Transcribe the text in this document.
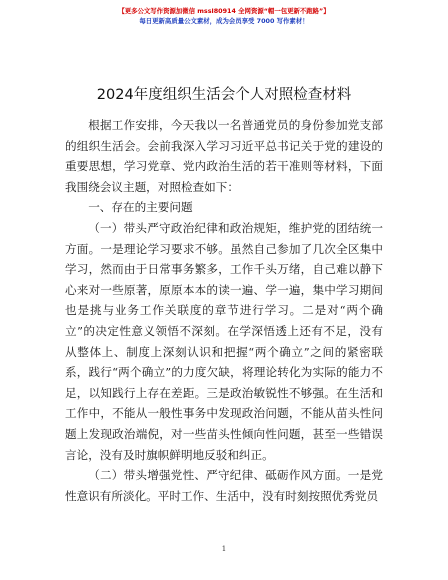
【更多公文写作资源加微信 mssl80914 全网资源“帽一包更新不跑路”】
每日更新高质量公文素材，成为会员享受 7000 写作素材！
2024年度组织生活会个人对照检查材料

根据工作安排，今天我以一名普通党员的身份参加党支部的组织生活会。会前我深入学习习近平总书记关于党的建设的重要思想，学习党章、党内政治生活的若干准则等材料，下面我围绕会议主题，对照检查如下：

一、存在的主要问题

（一）带头严守政治纪律和政治规矩，维护党的团结统一方面。一是理论学习要求不够。虽然自己参加了几次全区集中学习，然而由于日常事务繁多，工作千头万绪，自己难以静下心来对一些原著，原原本本的读一遍、学一遍，集中学习期间也是挑与业务工作关联度的章节进行学习。二是对“两个确立”的决定性意义领悟不深刻。在学深悟透上还有不足，没有从整体上、制度上深刻认识和把握“两个确立”之间的紧密联系，践行“两个确立”的力度欠缺，将理论转化为实际的能力不足，以知践行上存在差距。三是政治敏锐性不够强。在生活和工作中，不能从一般性事务中发现政治问题，不能从苗头性问题上发现政治端倪，对一些苗头性倾向性问题，甚至一些错误言论，没有及时旗帜鲜明地反驳和纠正。

（二）带头增强党性、严守纪律、砥砺作风方面。一是党性意识有所淡化。平时工作、生活中，没有时刻按照优秀党员

1
